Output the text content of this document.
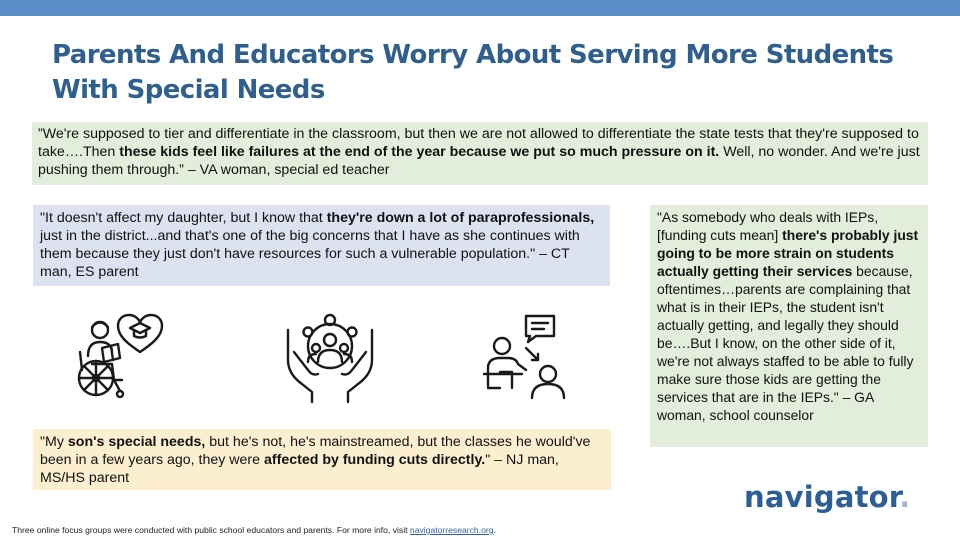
Parents And Educators Worry About Serving More Students With Special Needs
”We're supposed to tier and differentiate in the classroom, but then we are not allowed to differentiate the state tests that they're supposed to take….Then these kids feel like failures at the end of the year because we put so much pressure on it. Well, no wonder. And we're just pushing them through.” – VA woman, special ed teacher
"It doesn't affect my daughter, but I know that they're down a lot of paraprofessionals, just in the district...and that's one of the big concerns that I have as she continues with them because they just don't have resources for such a vulnerable population." – CT man, ES parent
"As somebody who deals with IEPs, [funding cuts mean] there's probably just going to be more strain on students actually getting their services because, oftentimes…parents are complaining that what is in their IEPs, the student isn't actually getting, and legally they should be….But I know, on the other side of it, we're not always staffed to be able to fully make sure those kids are getting the services that are in the IEPs." – GA woman, school counselor
"My son's special needs, but he's not, he's mainstreamed, but the classes he would've been in a few years ago, they were affected by funding cuts directly." – NJ man, MS/HS parent
navigator.
Three online focus groups were conducted with public school educators and parents. For more info, visit navigatorresearch.org.
